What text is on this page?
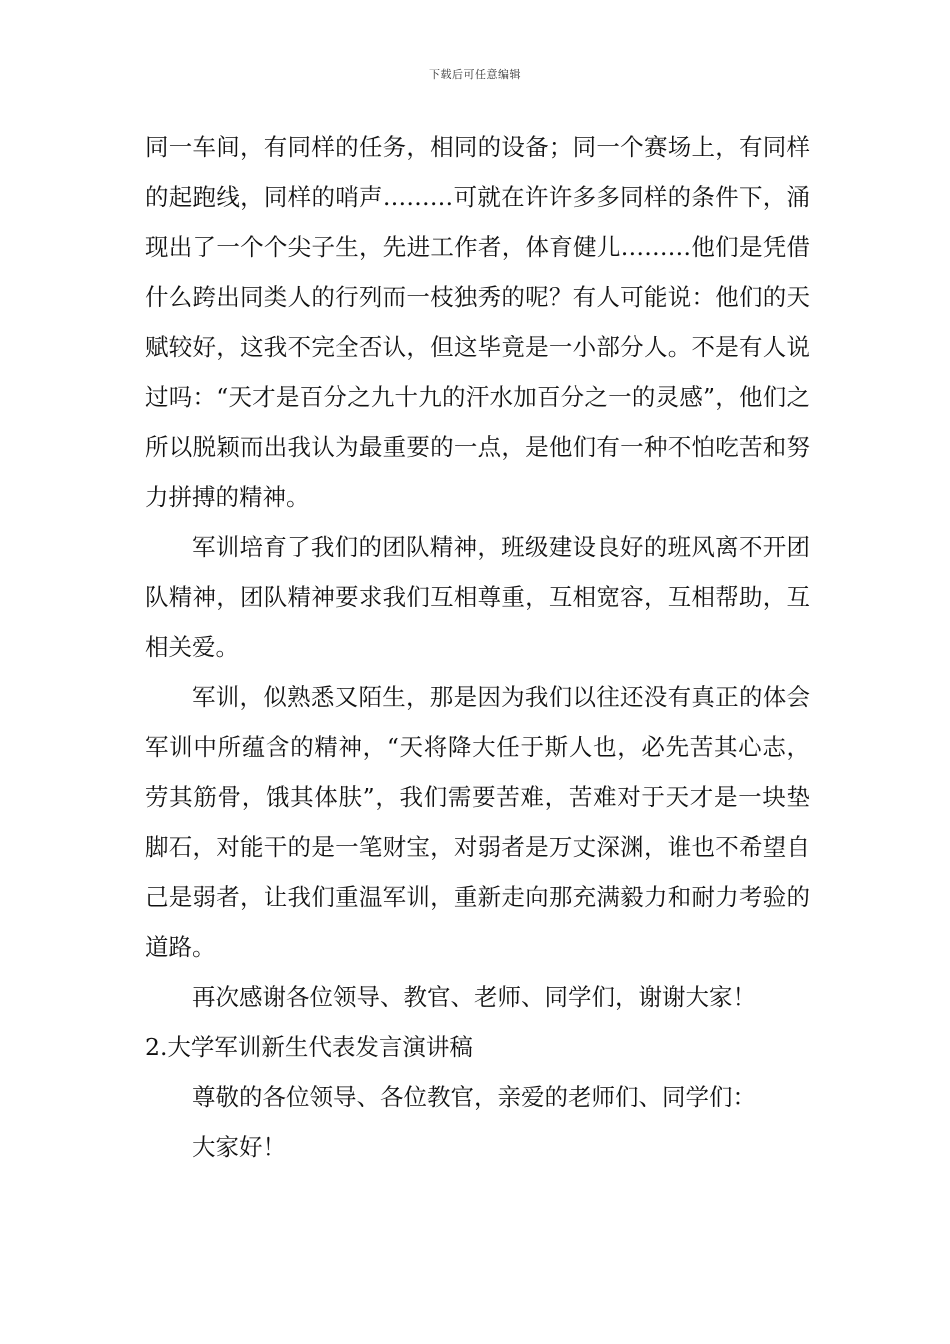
下载后可任意编辑

同一车间，有同样的任务，相同的设备；同一个赛场上，有同样的起跑线，同样的哨声………可就在许许多多同样的条件下，涌现出了一个个尖子生，先进工作者，体育健儿………他们是凭借什么跨出同类人的行列而一枝独秀的呢？有人可能说：他们的天赋较好，这我不完全否认，但这毕竟是一小部分人。不是有人说过吗：“天才是百分之九十九的汗水加百分之一的灵感”，他们之所以脱颖而出我认为最重要的一点，是他们有一种不怕吃苦和努力拼搏的精神。

军训培育了我们的团队精神，班级建设良好的班风离不开团队精神，团队精神要求我们互相尊重，互相宽容，互相帮助，互相关爱。

军训，似熟悉又陌生，那是因为我们以往还没有真正的体会军训中所蕴含的精神，“天将降大任于斯人也，必先苦其心志，劳其筋骨，饿其体肤”，我们需要苦难，苦难对于天才是一块垫脚石，对能干的是一笔财宝，对弱者是万丈深渊，谁也不希望自己是弱者，让我们重温军训，重新走向那充满毅力和耐力考验的道路。

再次感谢各位领导、教官、老师、同学们，谢谢大家！

2.大学军训新生代表发言演讲稿

尊敬的各位领导、各位教官，亲爱的老师们、同学们：

大家好！
